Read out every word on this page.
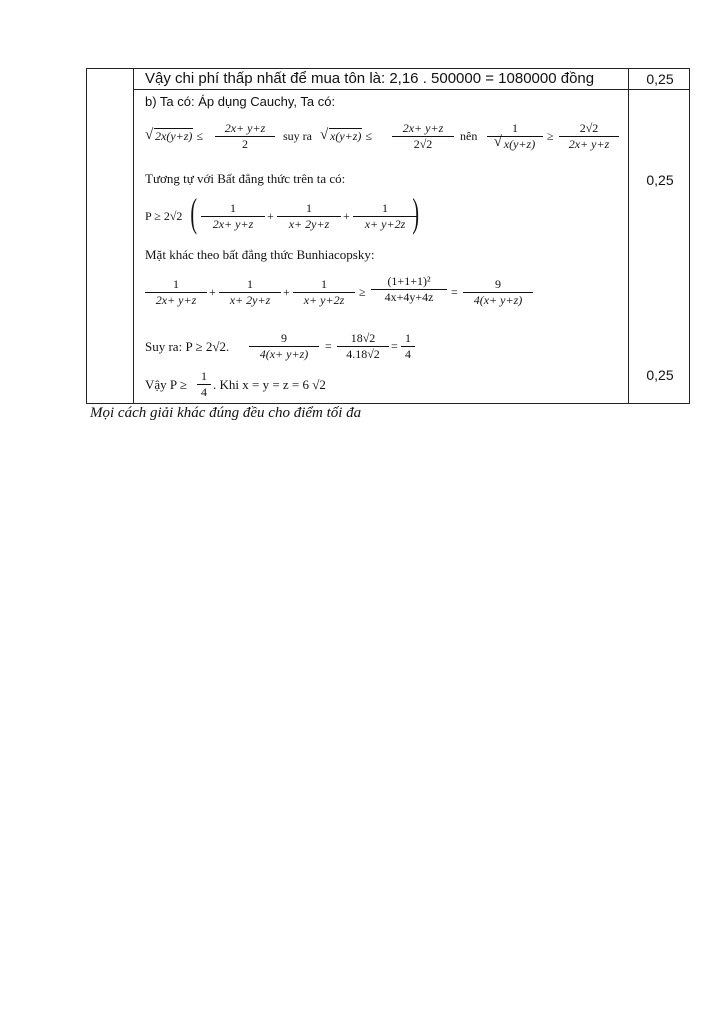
Vậy chi phí thấp nhất để mua tôn là: 2,16 . 500000 = 1080000 đồng	0,25
b) Ta có: Áp dụng Cauchy, Ta có:
√ $2x(y+z) \le \frac{2x+ y+z}{2}$ suy ra
√	$x(y+z) \le \frac{2x+ y+z}{2√2}$ nên 1
√ $x(y+z) \ge \frac{2√2}{2x+ y+z}$
Tương tự với Bất đẳng thức trên ta có:	0,25
P ≥ 2√2 ( $\frac{1}{2x+ y+z} + \frac{1}{x+ 2y+z} + \frac{1}{x+ y+2z}$
)
Mặt khác theo bất đẳng thức Bunhiacopsky:
$\frac{1}{2x+ y+z} + \frac{1}{x+ 2y+z} + \frac{1}{x+ y+2z} \ge \frac{\text{(1+1+1)²}}{4x+4y+4z} = \frac{9}{4(x+ y+z)}$
Suy ra: P ≥ 2√2. $\frac{9}{4(x+ y+z)} = \frac{18√2}{4.18√2} = \frac{1}{4}$
Vậy $P \ge \frac{1}{4}$ . Khi x = y = z = 6 √2
0,25
Mọi cách giải khác đúng đều cho điểm tối đa
